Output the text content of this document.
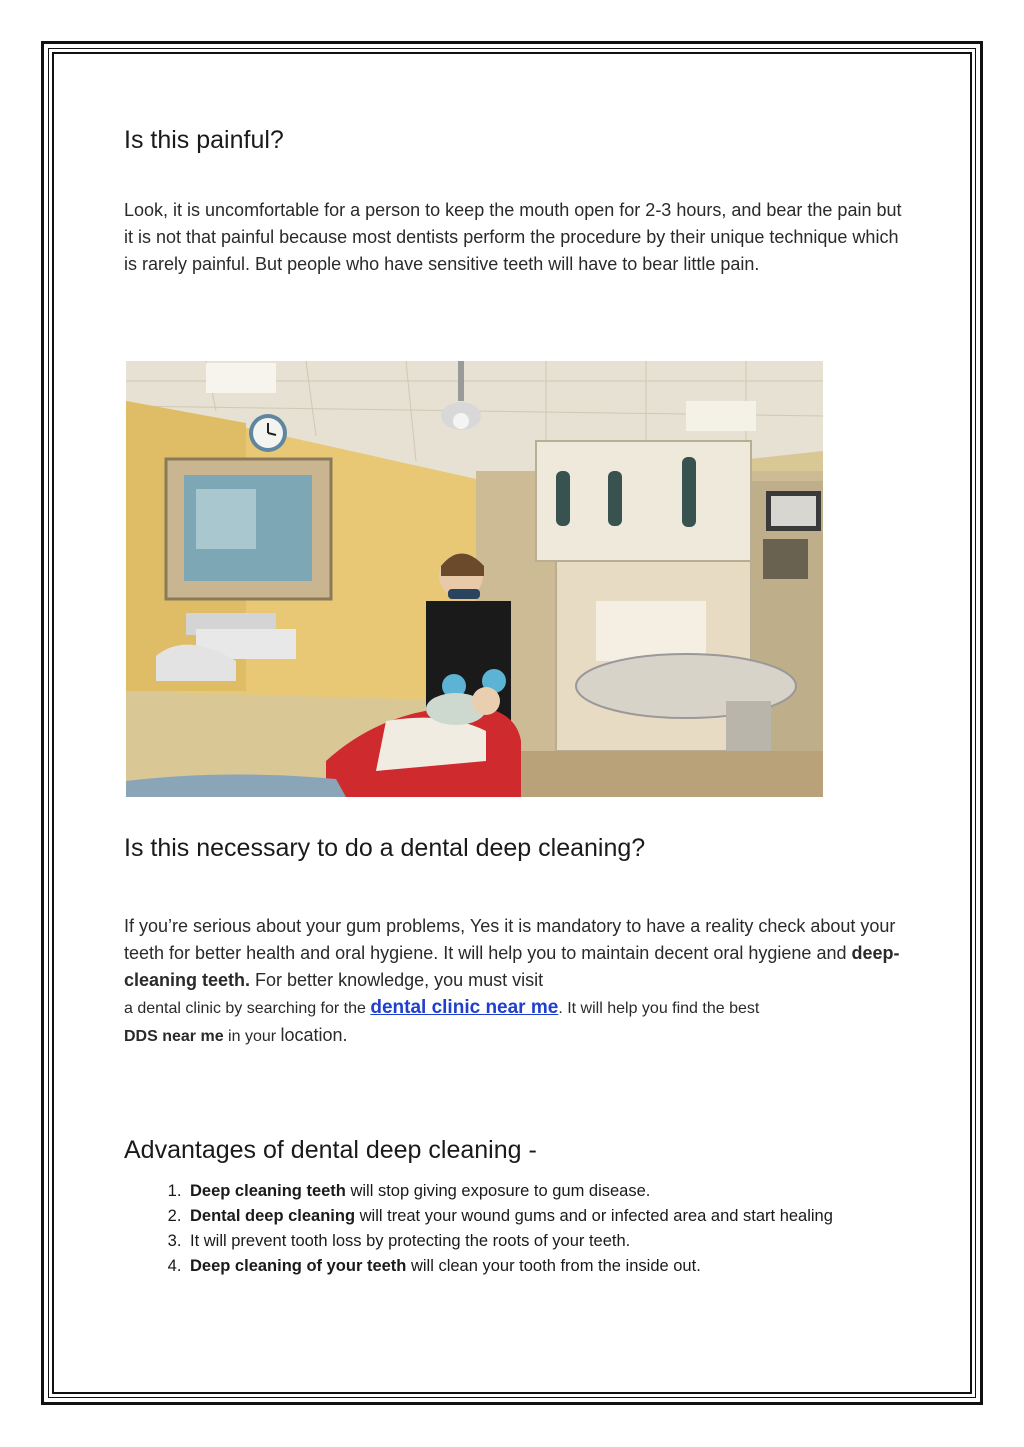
Is this painful?

Look, it is uncomfortable for a person to keep the mouth open for 2-3 hours, and bear the pain but it is not that painful because most dentists perform the procedure by their unique technique which is rarely painful. But people who have sensitive teeth will have to bear little pain.

Is this necessary to do a dental deep cleaning?

If you’re serious about your gum problems, Yes it is mandatory to have a reality check about your teeth for better health and oral hygiene. It will help you to maintain decent oral hygiene and deep-cleaning teeth. For better knowledge, you must visit
a dental clinic by searching for the dental clinic near me. It will help you find the best
DDS near me in your location.

Advantages of dental deep cleaning -
1. Deep cleaning teeth will stop giving exposure to gum disease.
2. Dental deep cleaning will treat your wound gums and or infected area and start healing
3. It will prevent tooth loss by protecting the roots of your teeth.
4. Deep cleaning of your teeth will clean your tooth from the inside out.
